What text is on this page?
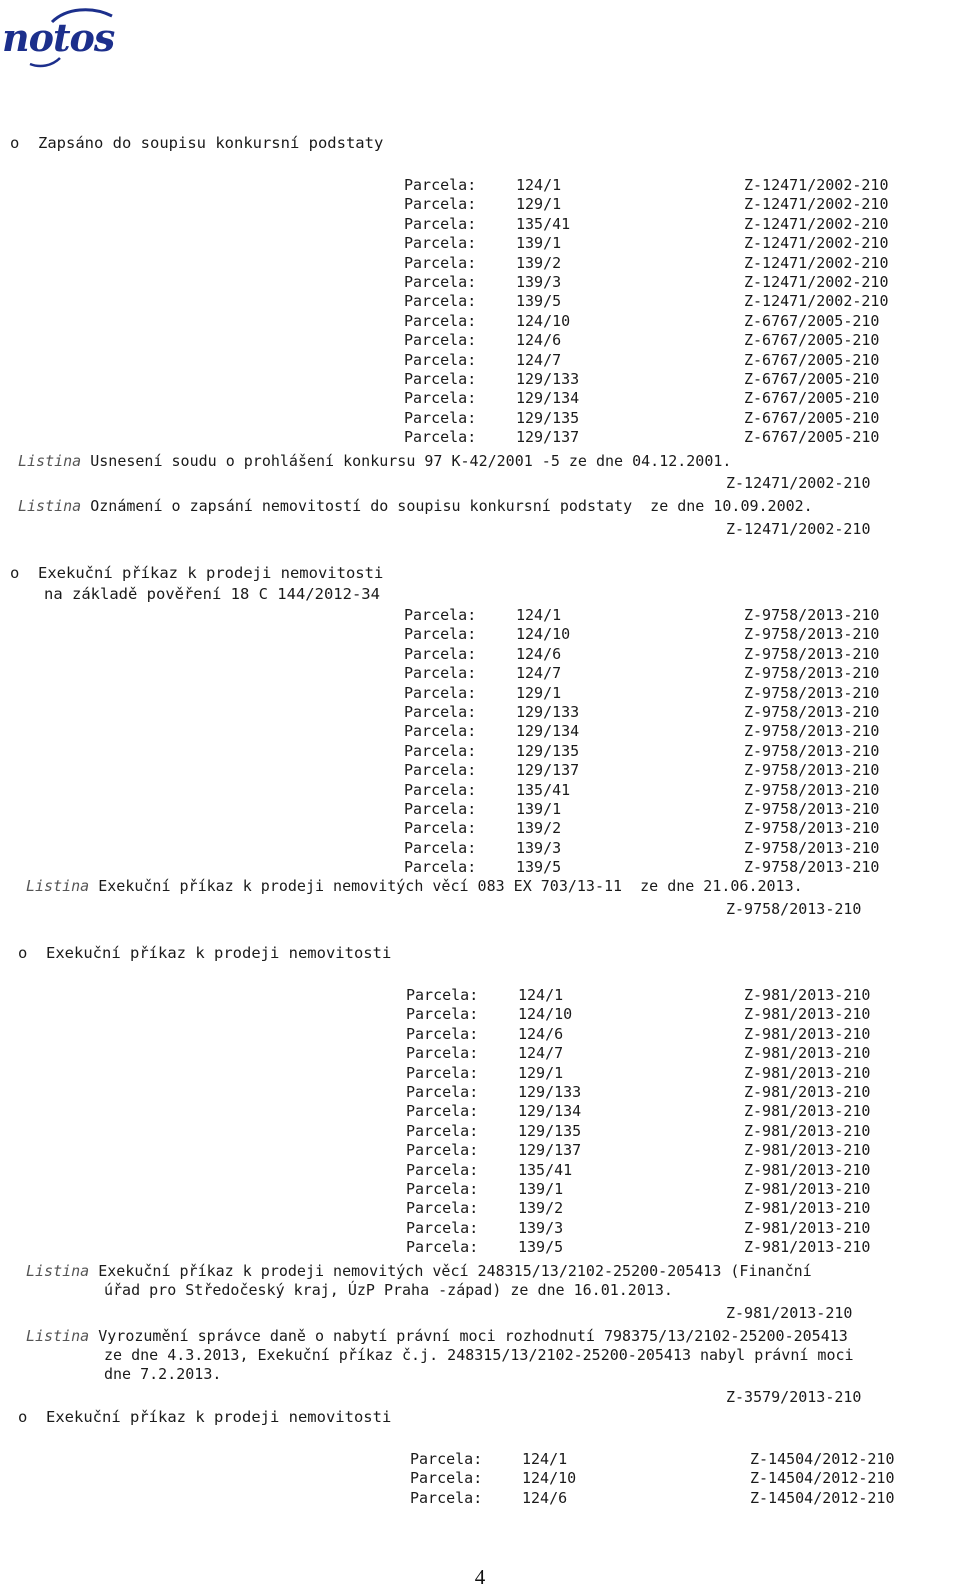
notos
o Zapsáno do soupisu konkursní podstaty
Parcela:	124/1	Z-12471/2002-210
Parcela:	129/1	Z-12471/2002-210
Parcela:	135/41	Z-12471/2002-210
Parcela:	139/1	Z-12471/2002-210
Parcela:	139/2	Z-12471/2002-210
Parcela:	139/3	Z-12471/2002-210
Parcela:	139/5	Z-12471/2002-210
Parcela:	124/10	Z-6767/2005-210
Parcela:	124/6	Z-6767/2005-210
Parcela:	124/7	Z-6767/2005-210
Parcela:	129/133	Z-6767/2005-210
Parcela:	129/134	Z-6767/2005-210
Parcela:	129/135	Z-6767/2005-210
Parcela:	129/137	Z-6767/2005-210
Listina Usnesení soudu o prohlášení konkursu 97 K-42/2001 -5 ze dne 04.12.2001.
Z-12471/2002-210
Listina Oznámení o zapsání nemovitostí do soupisu konkursní podstaty  ze dne 10.09.2002.
Z-12471/2002-210
o Exekuční příkaz k prodeji nemovitosti
na základě pověření 18 C 144/2012-34
Parcela:	124/1	Z-9758/2013-210
Parcela:	124/10	Z-9758/2013-210
Parcela:	124/6	Z-9758/2013-210
Parcela:	124/7	Z-9758/2013-210
Parcela:	129/1	Z-9758/2013-210
Parcela:	129/133	Z-9758/2013-210
Parcela:	129/134	Z-9758/2013-210
Parcela:	129/135	Z-9758/2013-210
Parcela:	129/137	Z-9758/2013-210
Parcela:	135/41	Z-9758/2013-210
Parcela:	139/1	Z-9758/2013-210
Parcela:	139/2	Z-9758/2013-210
Parcela:	139/3	Z-9758/2013-210
Parcela:	139/5	Z-9758/2013-210
Listina Exekuční příkaz k prodeji nemovitých věcí 083 EX 703/13-11  ze dne 21.06.2013.
Z-9758/2013-210
o Exekuční příkaz k prodeji nemovitosti
Parcela:	124/1	Z-981/2013-210
Parcela:	124/10	Z-981/2013-210
Parcela:	124/6	Z-981/2013-210
Parcela:	124/7	Z-981/2013-210
Parcela:	129/1	Z-981/2013-210
Parcela:	129/133	Z-981/2013-210
Parcela:	129/134	Z-981/2013-210
Parcela:	129/135	Z-981/2013-210
Parcela:	129/137	Z-981/2013-210
Parcela:	135/41	Z-981/2013-210
Parcela:	139/1	Z-981/2013-210
Parcela:	139/2	Z-981/2013-210
Parcela:	139/3	Z-981/2013-210
Parcela:	139/5	Z-981/2013-210
Listina Exekuční příkaz k prodeji nemovitých věcí 248315/13/2102-25200-205413 (Finanční
úřad pro Středočeský kraj, ÚzP Praha -západ) ze dne 16.01.2013.
Z-981/2013-210
Listina Vyrozumění správce daně o nabytí právní moci rozhodnutí 798375/13/2102-25200-205413
ze dne 4.3.2013, Exekuční příkaz č.j. 248315/13/2102-25200-205413 nabyl právní moci
dne 7.2.2013.
Z-3579/2013-210
o Exekuční příkaz k prodeji nemovitosti
Parcela:	124/1	Z-14504/2012-210
Parcela:	124/10	Z-14504/2012-210
Parcela:	124/6	Z-14504/2012-210
4
